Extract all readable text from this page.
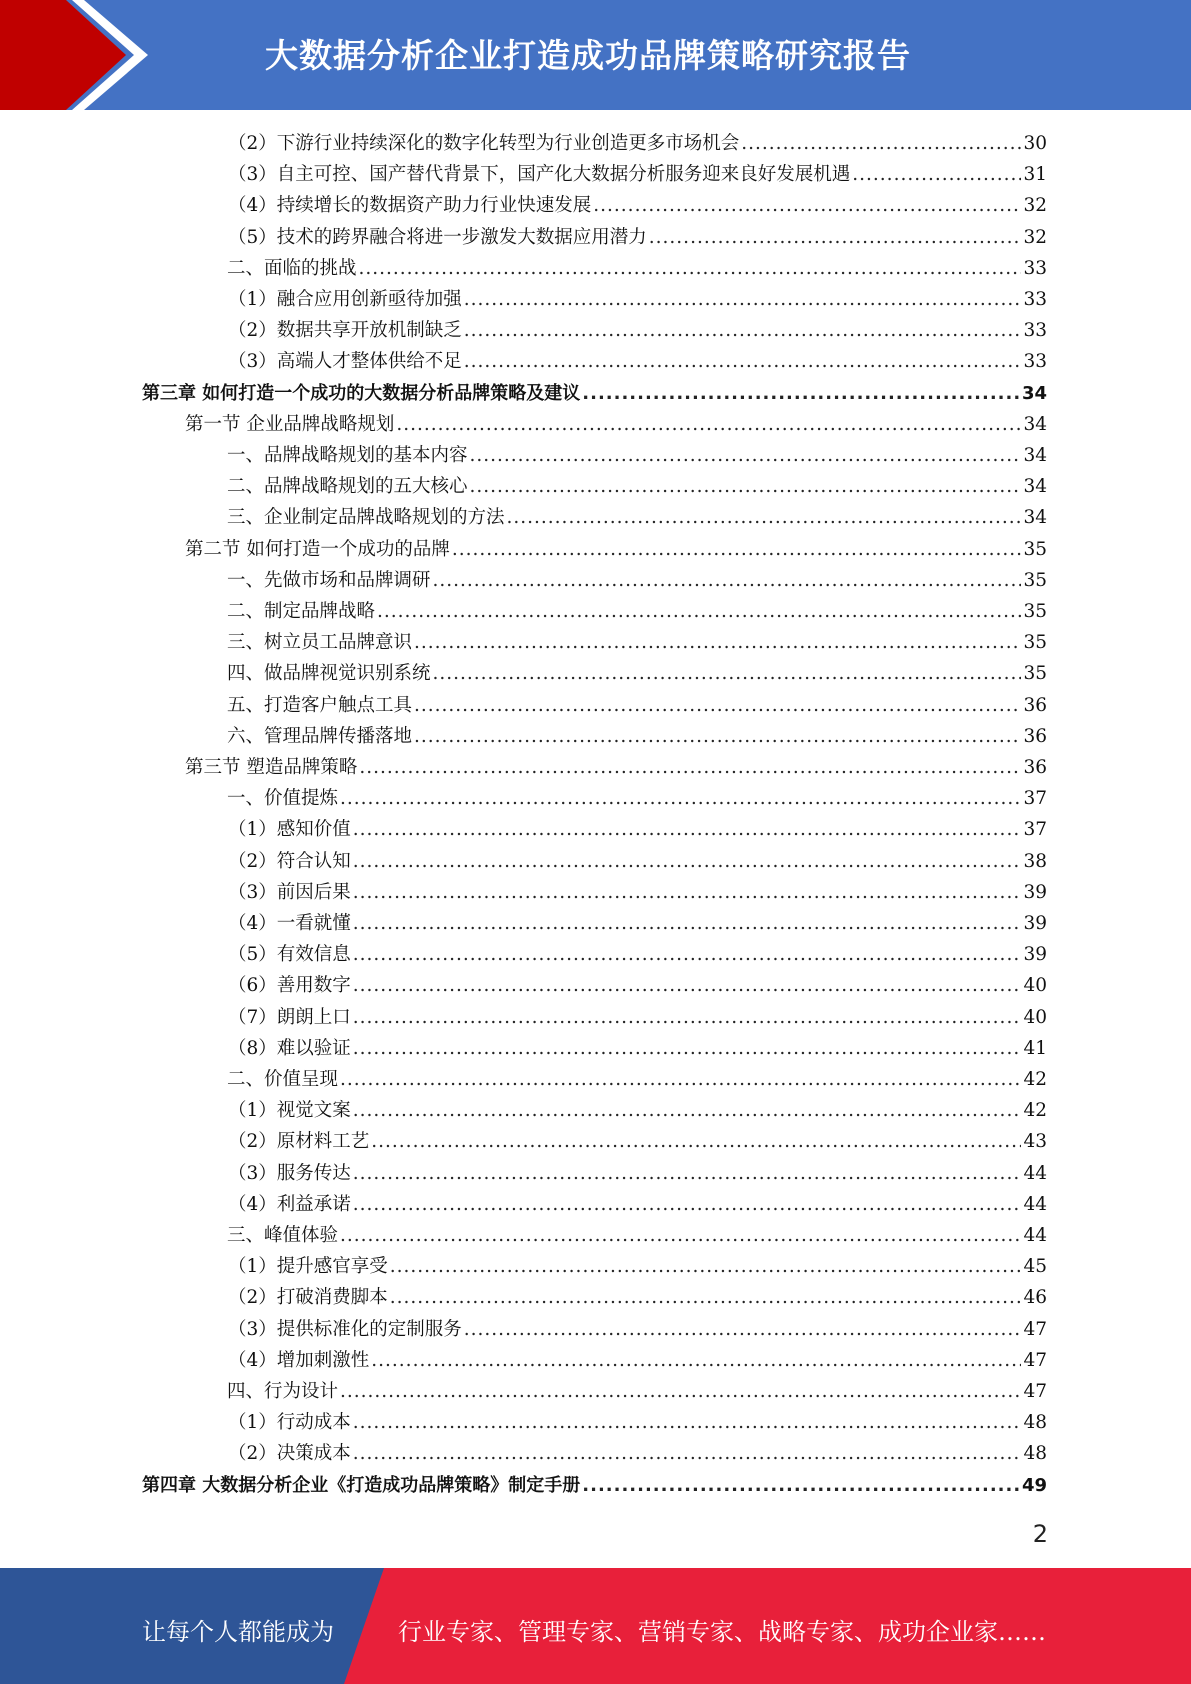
大数据分析企业打造成功品牌策略研究报告
（2）下游行业持续深化的数字化转型为行业创造更多市场机会 .....	30
（3）自主可控、国产替代背景下，国产化大数据分析服务迎来良好发展机遇 .....	31
（4）持续增长的数据资产助力行业快速发展 .....	32
（5）技术的跨界融合将进一步激发大数据应用潜力 .....	32
二、面临的挑战 .....	33
（1）融合应用创新亟待加强 .....	33
（2）数据共享开放机制缺乏 .....	33
（3）高端人才整体供给不足 .....	33
第三章 如何打造一个成功的大数据分析品牌策略及建议 .....	34
第一节 企业品牌战略规划 .....	34
一、品牌战略规划的基本内容 .....	34
二、品牌战略规划的五大核心 .....	34
三、企业制定品牌战略规划的方法 .....	34
第二节 如何打造一个成功的品牌 .....	35
一、先做市场和品牌调研 .....	35
二、制定品牌战略 .....	35
三、树立员工品牌意识 .....	35
四、做品牌视觉识别系统 .....	35
五、打造客户触点工具 .....	36
六、管理品牌传播落地 .....	36
第三节 塑造品牌策略 .....	36
一、价值提炼 .....	37
（1）感知价值 .....	37
（2）符合认知 .....	38
（3）前因后果 .....	39
（4）一看就懂 .....	39
（5）有效信息 .....	39
（6）善用数字 .....	40
（7）朗朗上口 .....	40
（8）难以验证 .....	41
二、价值呈现 .....	42
（1）视觉文案 .....	42
（2）原材料工艺 .....	43
（3）服务传达 .....	44
（4）利益承诺 .....	44
三、峰值体验 .....	44
（1）提升感官享受 .....	45
（2）打破消费脚本 .....	46
（3）提供标准化的定制服务 .....	47
（4）增加刺激性 .....	47
四、行为设计 .....	47
（1）行动成本 .....	48
（2）决策成本 .....	48
第四章 大数据分析企业《打造成功品牌策略》制定手册 .....	49
2
让每个人都能成为	行业专家、管理专家、营销专家、战略专家、成功企业家……
